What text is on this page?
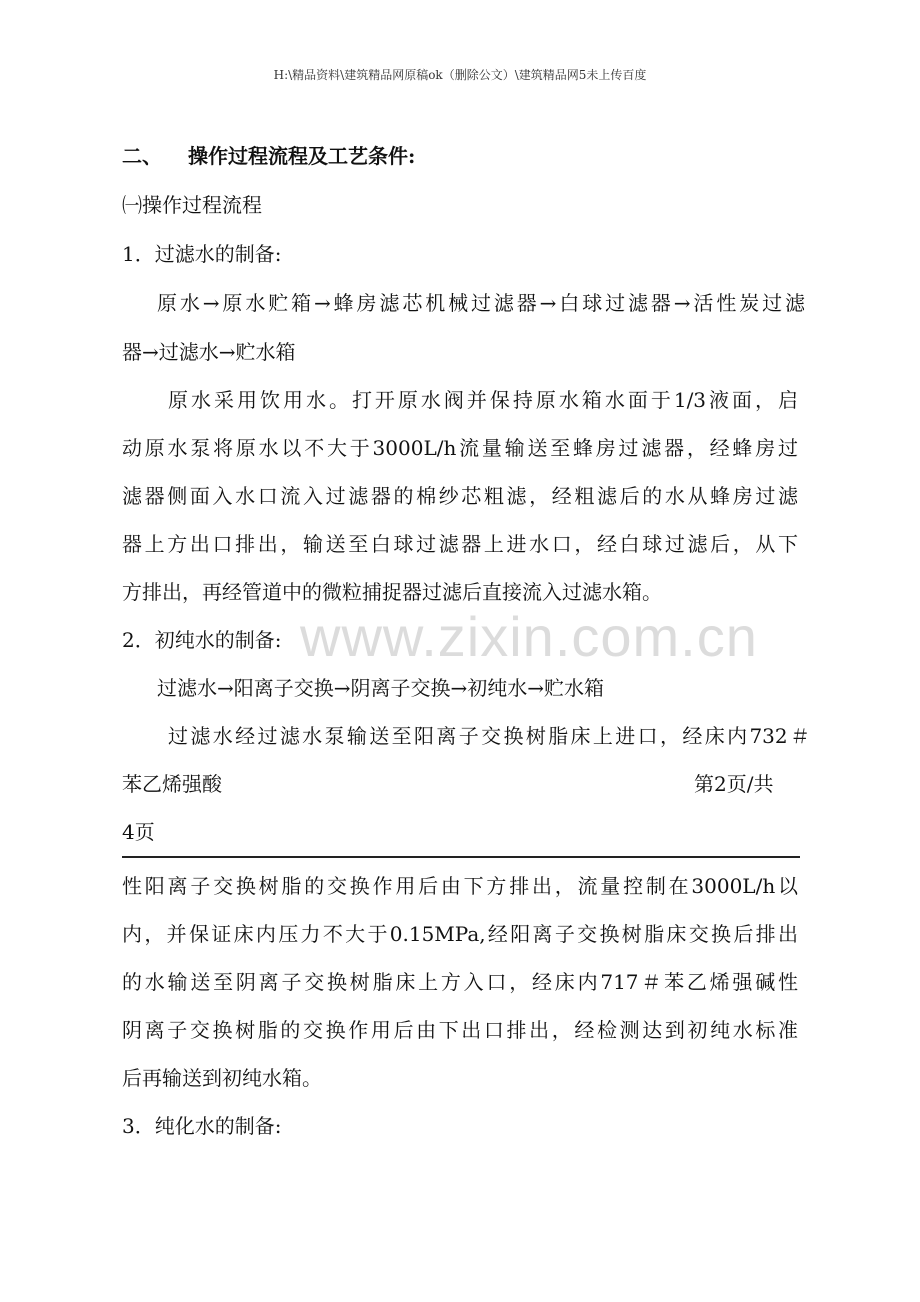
H:\精品资料\建筑精品网原稿ok（删除公文）\建筑精品网5未上传百度
www.zixin.com.cn
二、 操作过程流程及工艺条件:
㈠操作过程流程
1．过滤水的制备:
原水→原水贮箱→蜂房滤芯机械过滤器→白球过滤器→活性炭过滤
器→过滤水→贮水箱
原水采用饮用水。打开原水阀并保持原水箱水面于1/3液面，启
动原水泵将原水以不大于3000L/h流量输送至蜂房过滤器，经蜂房过
滤器侧面入水口流入过滤器的棉纱芯粗滤，经粗滤后的水从蜂房过滤
器上方出口排出，输送至白球过滤器上进水口，经白球过滤后，从下
方排出，再经管道中的微粒捕捉器过滤后直接流入过滤水箱。
2．初纯水的制备:
过滤水→阳离子交换→阴离子交换→初纯水→贮水箱
过滤水经过滤水泵输送至阳离子交换树脂床上进口，经床内732＃
苯乙烯强酸	第2页/共
4页
性阳离子交换树脂的交换作用后由下方排出，流量控制在3000L/h以
内，并保证床内压力不大于0.15MPa,经阳离子交换树脂床交换后排出
的水输送至阴离子交换树脂床上方入口，经床内717＃苯乙烯强碱性
阴离子交换树脂的交换作用后由下出口排出，经检测达到初纯水标准
后再输送到初纯水箱。
3．纯化水的制备:
